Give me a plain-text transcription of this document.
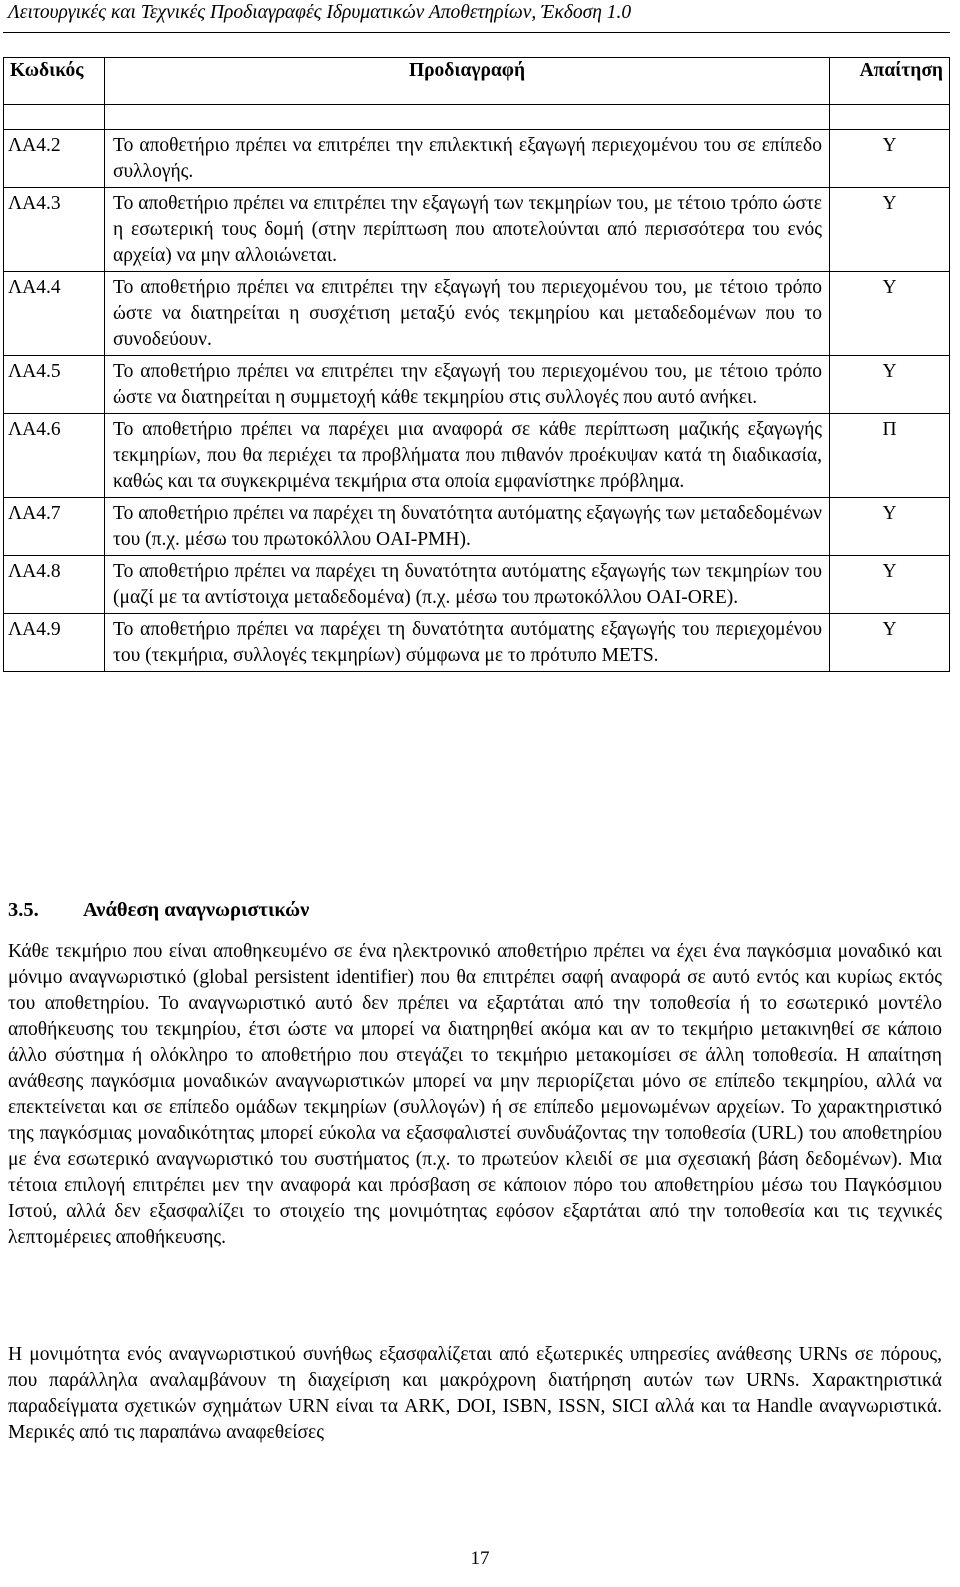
Λειτουργικές και Τεχνικές Προδιαγραφές Ιδρυματικών Αποθετηρίων, Έκδοση 1.0
Κωδικός	Προδιαγραφή	Απαίτηση

ΛΑ4.2	Το αποθετήριο πρέπει να επιτρέπει την επιλεκτική εξαγωγή περιεχομένου του σε επίπεδο συλλογής.	Υ
ΛΑ4.3	Το αποθετήριο πρέπει να επιτρέπει την εξαγωγή των τεκμηρίων του, με τέτοιο τρόπο ώστε η εσωτερική τους δομή (στην περίπτωση που αποτελούνται από περισσότερα του ενός αρχεία) να μην αλλοιώνεται.	Υ
ΛΑ4.4	Το αποθετήριο πρέπει να επιτρέπει την εξαγωγή του περιεχομένου του, με τέτοιο τρόπο ώστε να διατηρείται η συσχέτιση μεταξύ ενός τεκμηρίου και μεταδεδομένων που το συνοδεύουν.	Υ
ΛΑ4.5	Το αποθετήριο πρέπει να επιτρέπει την εξαγωγή του περιεχομένου του, με τέτοιο τρόπο ώστε να διατηρείται η συμμετοχή κάθε τεκμηρίου στις συλλογές που αυτό ανήκει.	Υ
ΛΑ4.6	Το αποθετήριο πρέπει να παρέχει μια αναφορά σε κάθε περίπτωση μαζικής εξαγωγής τεκμηρίων, που θα περιέχει τα προβλήματα που πιθανόν προέκυψαν κατά τη διαδικασία, καθώς και τα συγκεκριμένα τεκμήρια στα οποία εμφανίστηκε πρόβλημα.	Π
ΛΑ4.7	Το αποθετήριο πρέπει να παρέχει τη δυνατότητα αυτόματης εξαγωγής των μεταδεδομένων του (π.χ. μέσω του πρωτοκόλλου OAI-PMH).	Υ
ΛΑ4.8	Το αποθετήριο πρέπει να παρέχει τη δυνατότητα αυτόματης εξαγωγής των τεκμηρίων του (μαζί με τα αντίστοιχα μεταδεδομένα) (π.χ. μέσω του πρωτοκόλλου OAI-ORE).	Υ
ΛΑ4.9	Το αποθετήριο πρέπει να παρέχει τη δυνατότητα αυτόματης εξαγωγής του περιεχομένου του (τεκμήρια, συλλογές τεκμηρίων) σύμφωνα με το πρότυπο METS.	Υ
3.5. Ανάθεση αναγνωριστικών
Κάθε τεκμήριο που είναι αποθηκευμένο σε ένα ηλεκτρονικό αποθετήριο πρέπει να έχει ένα παγκόσμια μοναδικό και μόνιμο αναγνωριστικό (global persistent identifier) που θα επιτρέπει σαφή αναφορά σε αυτό εντός και κυρίως εκτός του αποθετηρίου. Το αναγνωριστικό αυτό δεν πρέπει να εξαρτάται από την τοποθεσία ή το εσωτερικό μοντέλο αποθήκευσης του τεκμηρίου, έτσι ώστε να μπορεί να διατηρηθεί ακόμα και αν το τεκμήριο μετακινηθεί σε κάποιο άλλο σύστημα ή ολόκληρο το αποθετήριο που στεγάζει το τεκμήριο μετακομίσει σε άλλη τοποθεσία. Η απαίτηση ανάθεσης παγκόσμια μοναδικών αναγνωριστικών μπορεί να μην περιορίζεται μόνο σε επίπεδο τεκμηρίου, αλλά να επεκτείνεται και σε επίπεδο ομάδων τεκμηρίων (συλλογών) ή σε επίπεδο μεμονωμένων αρχείων. Το χαρακτηριστικό της παγκόσμιας μοναδικότητας μπορεί εύκολα να εξασφαλιστεί συνδυάζοντας την τοποθεσία (URL) του αποθετηρίου με ένα εσωτερικό αναγνωριστικό του συστήματος (π.χ. το πρωτεύον κλειδί σε μια σχεσιακή βάση δεδομένων). Μια τέτοια επιλογή επιτρέπει μεν την αναφορά και πρόσβαση σε κάποιον πόρο του αποθετηρίου μέσω του Παγκόσμιου Ιστού, αλλά δεν εξασφαλίζει το στοιχείο της μονιμότητας εφόσον εξαρτάται από την τοποθεσία και τις τεχνικές λεπτομέρειες αποθήκευσης.
Η μονιμότητα ενός αναγνωριστικού συνήθως εξασφαλίζεται από εξωτερικές υπηρεσίες ανάθεσης URNs σε πόρους, που παράλληλα αναλαμβάνουν τη διαχείριση και μακρόχρονη διατήρηση αυτών των URNs. Χαρακτηριστικά παραδείγματα σχετικών σχημάτων URN είναι τα ARK, DOI, ISBN, ISSN, SICI αλλά και τα Handle αναγνωριστικά. Μερικές από τις παραπάνω αναφεθείσες
17
